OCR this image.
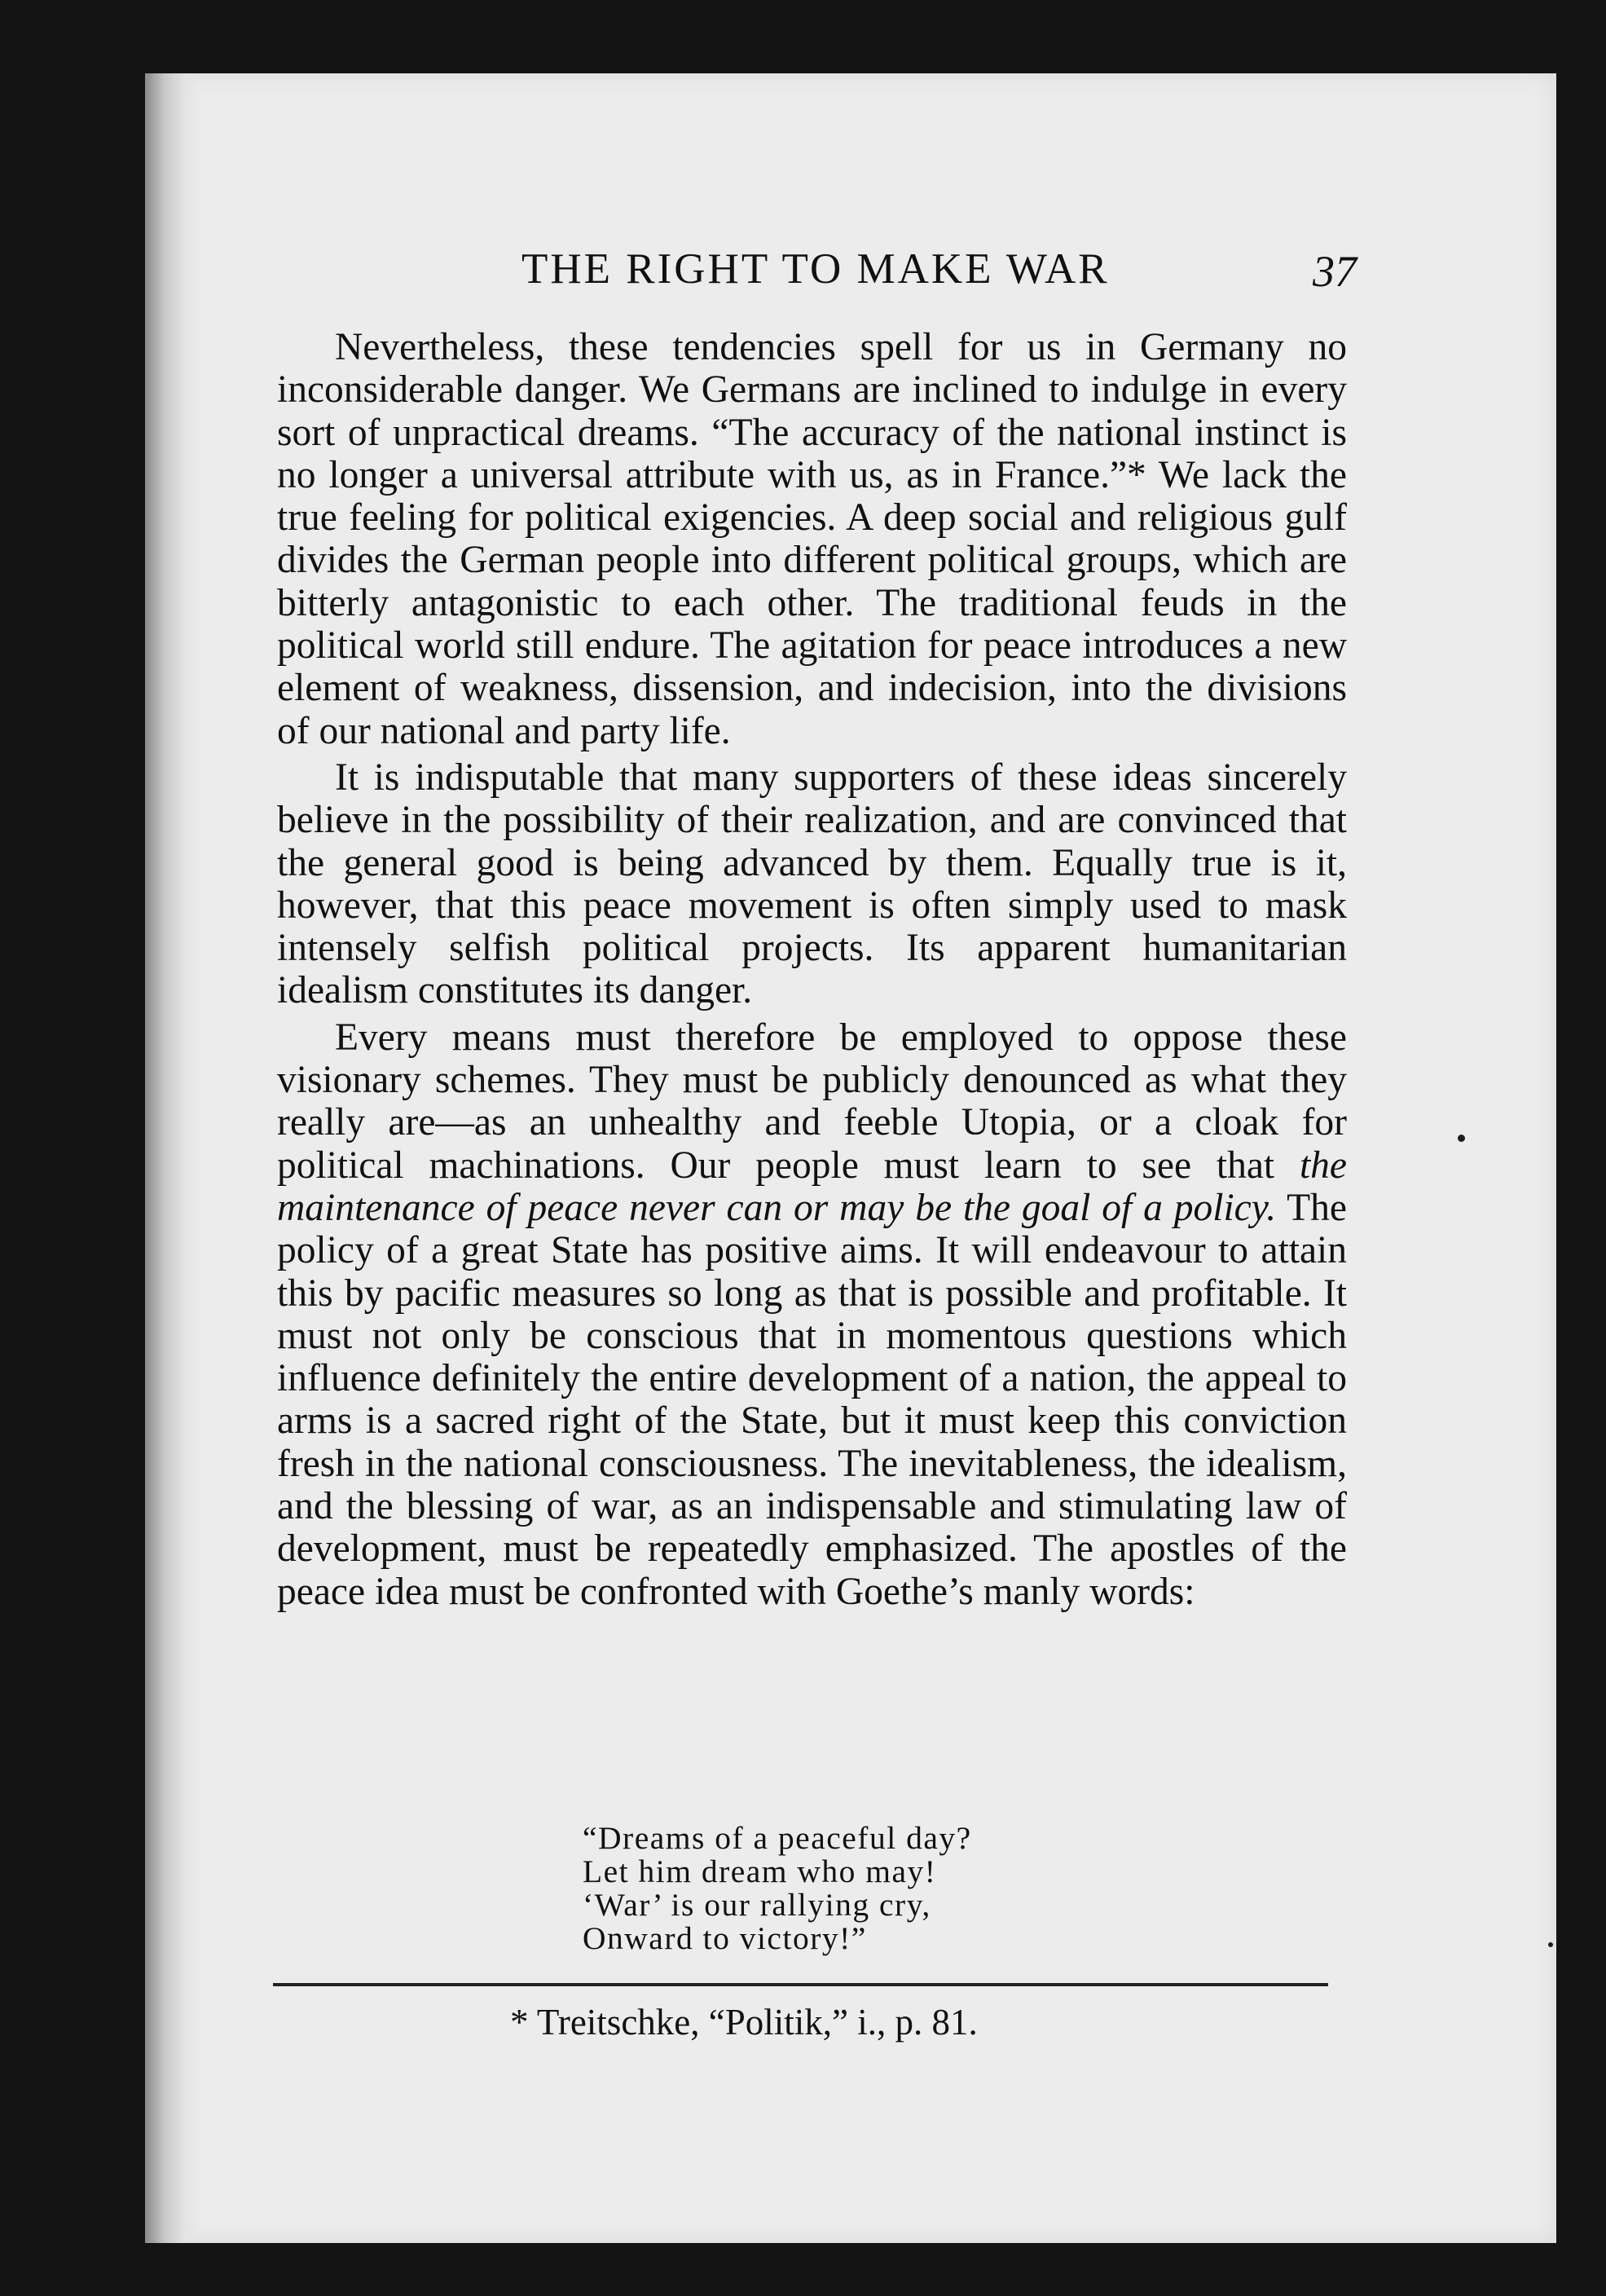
THE RIGHT TO MAKE WAR	37

Nevertheless, these tendencies spell for us in Germany no inconsiderable danger. We Germans are inclined to indulge in every sort of unpractical dreams. “The accuracy of the national instinct is no longer a universal attribute with us, as in France.”* We lack the true feeling for political exigencies. A deep social and religious gulf divides the German people into different political groups, which are bitterly antagonistic to each other. The traditional feuds in the political world still endure. The agitation for peace introduces a new element of weakness, dissension, and indecision, into the divisions of our national and party life.

It is indisputable that many supporters of these ideas sincerely believe in the possibility of their realization, and are convinced that the general good is being advanced by them. Equally true is it, however, that this peace movement is often simply used to mask intensely selfish political projects. Its apparent humanitarian idealism constitutes its danger.

Every means must therefore be employed to oppose these visionary schemes. They must be publicly denounced as what they really are—as an unhealthy and feeble Utopia, or a cloak for political machinations. Our people must learn to see that the maintenance of peace never can or may be the goal of a policy. The policy of a great State has positive aims. It will endeavour to attain this by pacific measures so long as that is possible and profitable. It must not only be conscious that in momentous questions which influence definitely the entire development of a nation, the appeal to arms is a sacred right of the State, but it must keep this conviction fresh in the national consciousness. The inevitableness, the idealism, and the blessing of war, as an indispensable and stimulating law of development, must be repeatedly emphasized. The apostles of the peace idea must be confronted with Goethe’s manly words:

“Dreams of a peaceful day?
Let him dream who may!
‘War’ is our rallying cry,
Onward to victory!”
* Treitschke, “Politik,” i., p. 81.
